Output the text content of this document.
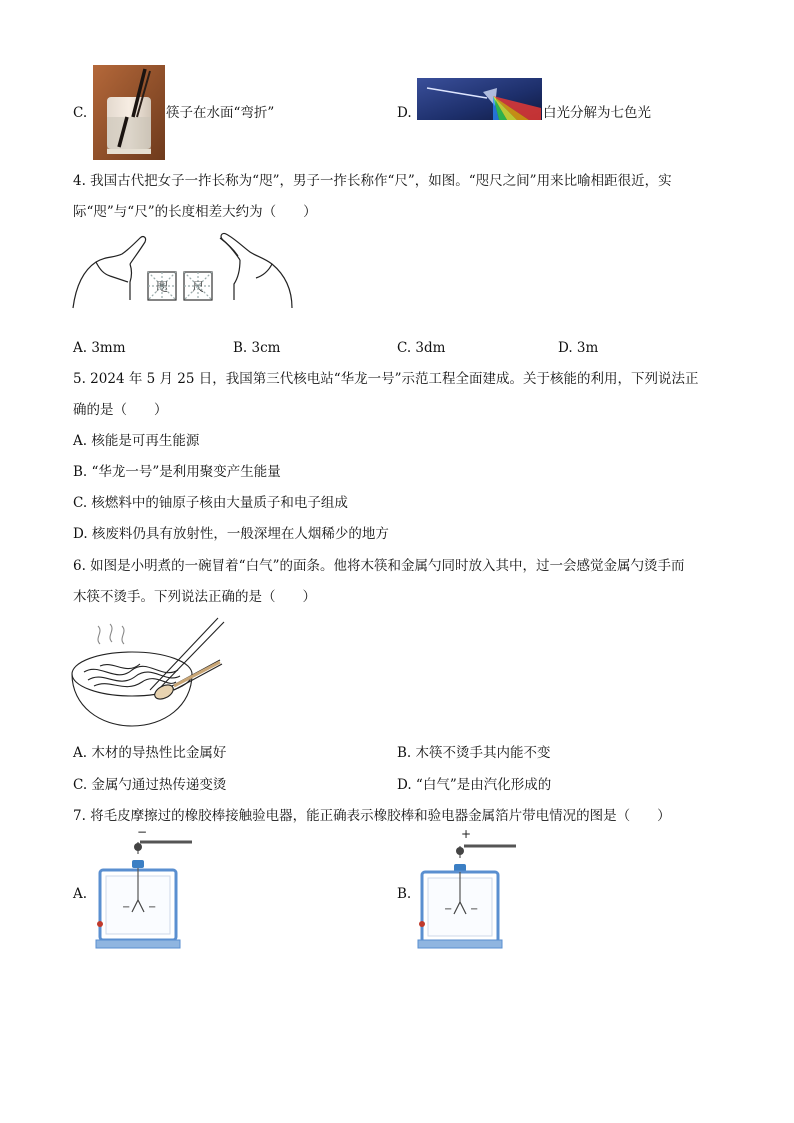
C.	筷子在水面“弯折”	D.	白光分解为七色光
4. 我国古代把女子一拃长称为“咫”，男子一拃长称作“尺”，如图。“咫尺之间”用来比喻相距很近，实
际“咫”与“尺”的长度相差大约为（　　）
咫 尺
A. 3mm	B. 3cm	C. 3dm	D. 3m
5. 2024 年 5 月 25 日，我国第三代核电站“华龙一号”示范工程全面建成。关于核能的利用，下列说法正
确的是（　　）
A. 核能是可再生能源
B. “华龙一号”是利用聚变产生能量
C. 核燃料中的铀原子核由大量质子和电子组成
D. 核废料仍具有放射性，一般深埋在人烟稀少的地方
6. 如图是小明煮的一碗冒着“白气”的面条。他将木筷和金属勺同时放入其中，过一会感觉金属勺烫手而
木筷不烫手。下列说法正确的是（　　）
A. 木材的导热性比金属好	B. 木筷不烫手其内能不变
C. 金属勺通过热传递变烫	D. “白气”是由汽化形成的
7. 将毛皮摩擦过的橡胶棒接触验电器，能正确表示橡胶棒和验电器金属箔片带电情况的图是（　　）
A.
−
− −
B.
+
− −
